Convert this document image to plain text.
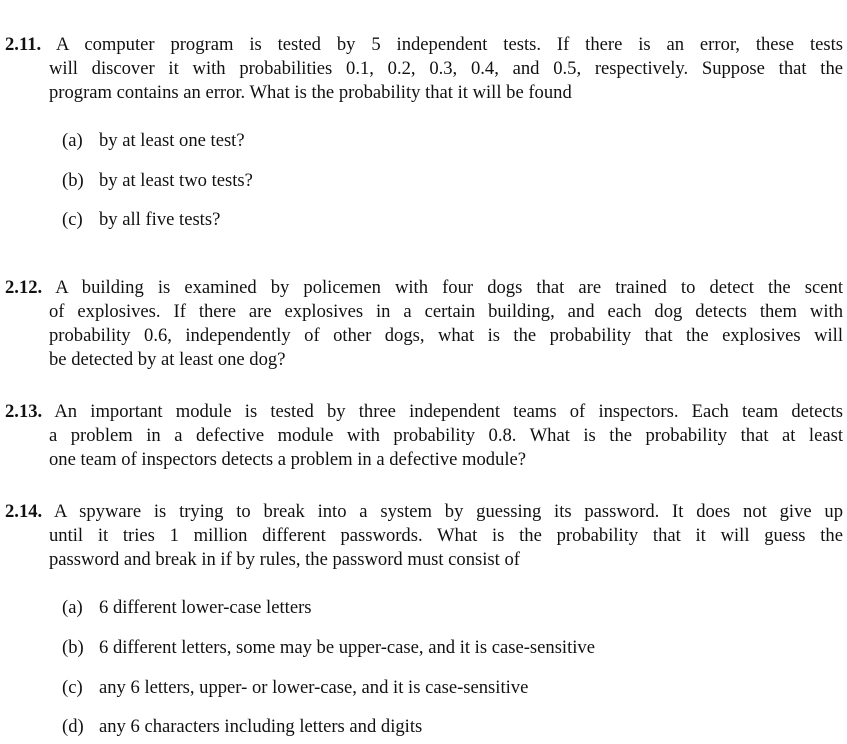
2.11. A computer program is tested by 5 independent tests. If there is an error, these tests
will discover it with probabilities 0.1, 0.2, 0.3, 0.4, and 0.5, respectively. Suppose that the
program contains an error. What is the probability that it will be found
(a) by at least one test?
(b) by at least two tests?
(c) by all five tests?
2.12. A building is examined by policemen with four dogs that are trained to detect the scent
of explosives. If there are explosives in a certain building, and each dog detects them with
probability 0.6, independently of other dogs, what is the probability that the explosives will
be detected by at least one dog?
2.13. An important module is tested by three independent teams of inspectors. Each team detects
a problem in a defective module with probability 0.8. What is the probability that at least
one team of inspectors detects a problem in a defective module?
2.14. A spyware is trying to break into a system by guessing its password. It does not give up
until it tries 1 million different passwords. What is the probability that it will guess the
password and break in if by rules, the password must consist of
(a) 6 different lower-case letters
(b) 6 different letters, some may be upper-case, and it is case-sensitive
(c) any 6 letters, upper- or lower-case, and it is case-sensitive
(d) any 6 characters including letters and digits
